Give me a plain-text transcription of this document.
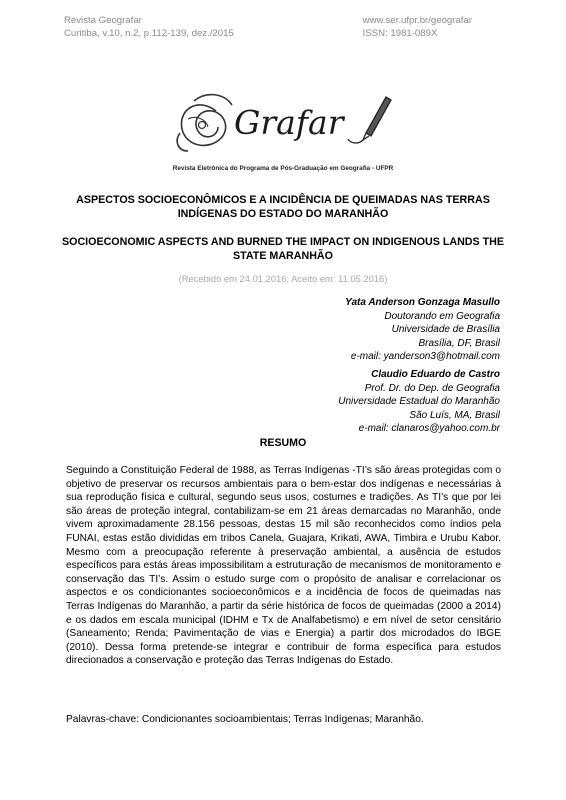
Revista Geografar
Curitiba, v.10, n.2, p.112-139, dez./2015
www.ser.ufpr.br/geografar
ISSN: 1981-089X
Grafar
Revista Eletrônica do Programa de Pós-Graduação em Geografia - UFPR
ASPECTOS SOCIOECONÔMICOS E A INCIDÊNCIA DE QUEIMADAS NAS TERRAS INDÍGENAS DO ESTADO DO MARANHÃO
SOCIOECONOMIC ASPECTS AND BURNED THE IMPACT ON INDIGENOUS LANDS THE STATE MARANHÃO
(Recebido em 24.01.2016; Aceito em: 11.05.2016)
Yata Anderson Gonzaga Masullo
Doutorando em Geografia
Universidade de Brasília
Brasília, DF, Brasil
e-mail: yanderson3@hotmail.com
Claudio Eduardo de Castro
Prof. Dr. do Dep. de Geografia
Universidade Estadual do Maranhão
São Luís, MA, Brasil
e-mail: clanaros@yahoo.com.br
RESUMO

Seguindo a Constituição Federal de 1988, as Terras Indígenas -TI’s são áreas protegidas com o objetivo de preservar os recursos ambientais para o bem-estar dos indígenas e necessárias à sua reprodução física e cultural, segundo seus usos, costumes e tradições. As TI’s que por lei são áreas de proteção integral, contabilizam-se em 21 áreas demarcadas no Maranhão, onde vivem aproximadamente 28.156 pessoas, destas 15 mil são reconhecidos como índios pela FUNAI, estas estão divididas em tribos Canela, Guajara, Krikati, AWA, Timbira e Urubu Kabor. Mesmo com a preocupação referente à preservação ambiental, a ausência de estudos específicos para estás áreas impossibilitam a estruturação de mecanismos de monitoramento e conservação das TI’s. Assim o estudo surge com o propósito de analisar e correlacionar os aspectos e os condicionantes socioeconômicos e a incidência de focos de queimadas nas Terras Indígenas do Maranhão, a partir da série histórica de focos de queimadas (2000 a 2014) e os dados em escala municipal (IDHM e Tx de Analfabetismo) e em nível de setor censitário (Saneamento; Renda; Pavimentação de vias e Energia) a partir dos microdados do IBGE (2010). Dessa forma pretende-se integrar e contribuir de forma específica para estudos direcionados a conservação e proteção das Terras Indígenas do Estado.

Palavras-chave: Condicionantes socioambientais; Terras Indígenas; Maranhão.
